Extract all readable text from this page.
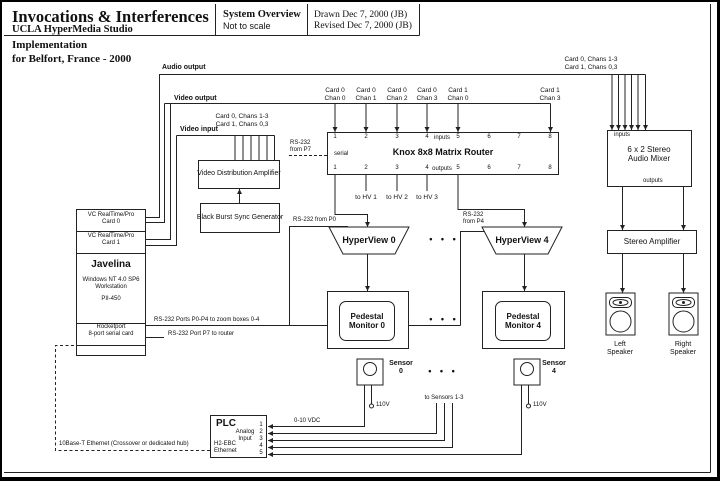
Invocations & Interferences
UCLA HyperMedia Studio
System Overview
Not to scale
Drawn Dec 7, 2000 (JB)
Revised Dec 7, 2000 (JB)
Implementation
for Belfort, France - 2000
Audio output
Video output
Video input
Card 0, Chans 1-3
Card 1, Chans 0,3
Card 0, Chans 1-3
Card 1, Chans 0,3
Card 0
Chan 0
Card 0
Chan 1
Card 0
Chan 2
Card 0
Chan 3
Card 1
Chan 0
Card 1
Chan 3
Video Distribution Amplifier
Black Burst Sync Generator
1	2	3	4	5	6	7	8
inputs
serial	Knox 8x8 Matrix Router
1	2	3	4	5	6	7	8
outputs
to HV 1 to HV 2 to HV 3
RS-232
from P7
RS-232 from P0
RS-232
from P4
RS-232 Ports P0-P4 to zoom boxes 0-4
RS-232 Port P7 to router
HyperView 0	HyperView 4
• • •
Pedestal
Monitor 0
Pedestal
Monitor 4
• • •
VC RealTime/Pro
Card 0
VC RealTime/Pro
Card 1
Javelina
Windows NT 4.0 SP6
Workstation
PII-450
Rocketport
8-port serial card
inputs
6 x 2 Stereo
Audio Mixer
outputs
Stereo Amplifier
Left
Speaker
Right
Speaker
Sensor
0
Sensor
4
• • •
110V	110V
to Sensors 1-3
0-10 VDC
PLC
Analog
Input
1
2
3
4
5
H2-EBC
Ethernet
10Base-T Ethernet (Crossover or dedicated hub)
